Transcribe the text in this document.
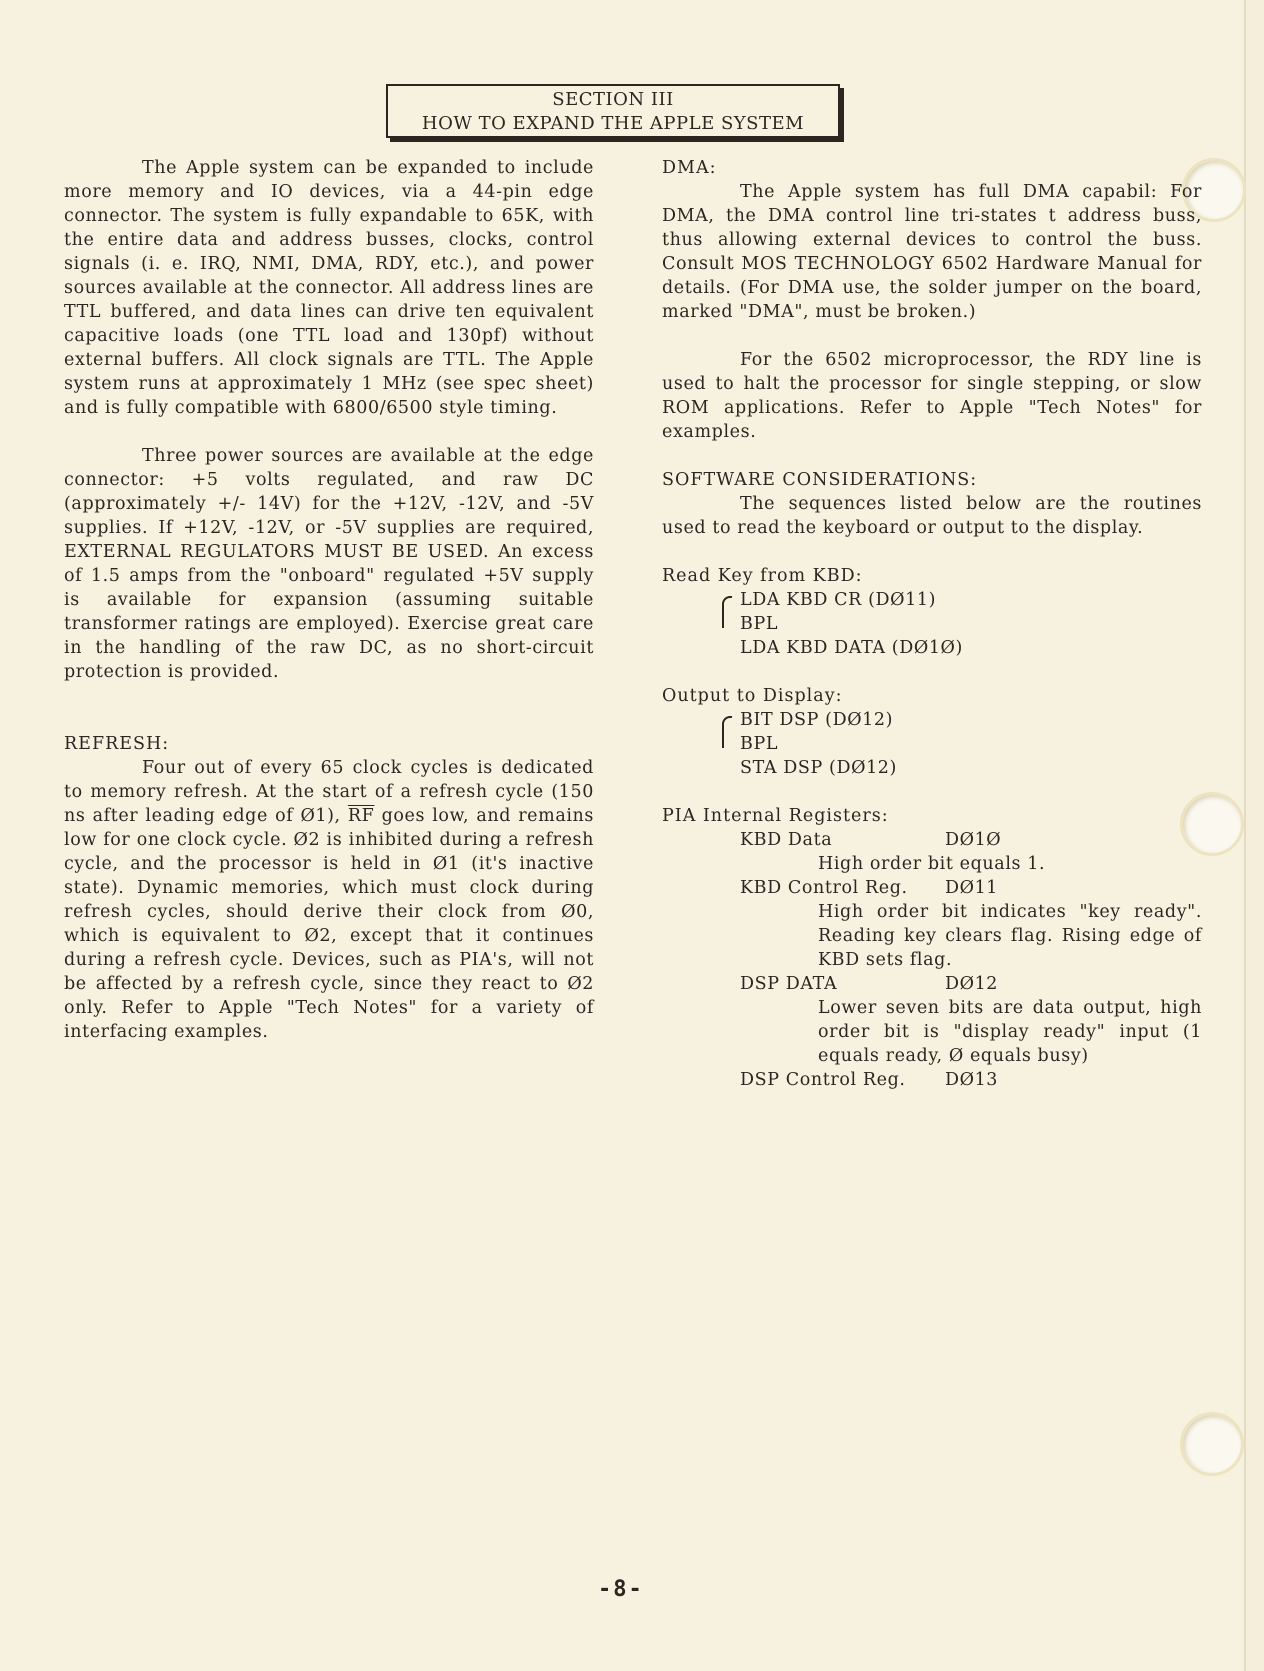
SECTION III
HOW TO EXPAND THE APPLE SYSTEM

The Apple system can be expanded to include more memory and IO devices, via a 44-pin edge connector. The system is fully expandable to 65K, with the entire data and address busses, clocks, control signals (i. e. IRQ, NMI, DMA, RDY, etc.), and power sources available at the connector. All address lines are TTL buffered, and data lines can drive ten equivalent capacitive loads (one TTL load and 130pf) without external buffers. All clock signals are TTL. The Apple system runs at approximately 1 MHz (see spec sheet) and is fully compatible with 6800/6500 style timing.

Three power sources are available at the edge connector: +5 volts regulated, and raw DC (approximately +/- 14V) for the +12V, -12V, and -5V supplies. If +12V, -12V, or -5V supplies are required, EXTERNAL REGULATORS MUST BE USED. An excess of 1.5 amps from the "onboard" regulated +5V supply is available for expansion (assuming suitable transformer ratings are employed). Exercise great care in the handling of the raw DC, as no short-circuit protection is provided.

REFRESH:

Four out of every 65 clock cycles is dedicated to memory refresh. At the start of a refresh cycle (150 ns after leading edge of Ø1), $\overline{RF}$ goes low, and remains low for one clock cycle. Ø2 is inhibited during a refresh cycle, and the processor is held in Ø1 (it's inactive state). Dynamic memories, which must clock during refresh cycles, should derive their clock from Ø0, which is equivalent to Ø2, except that it continues during a refresh cycle. Devices, such as PIA's, will not be affected by a refresh cycle, since they react to Ø2 only. Refer to Apple "Tech Notes" for a variety of interfacing examples.

DMA:

The Apple system has full DMA capabil: For DMA, the DMA control line tri-states t address buss, thus allowing external devices to control the buss. Consult MOS TECHNOLOGY 6502 Hardware Manual for details. (For DMA use, the solder jumper on the board, marked "DMA", must be broken.)

For the 6502 microprocessor, the RDY line is used to halt the processor for single stepping, or slow ROM applications. Refer to Apple "Tech Notes" for examples.

SOFTWARE CONSIDERATIONS:

The sequences listed below are the routines used to read the keyboard or output to the display.

Read Key from KBD:

LDA KBD CR (DØ11)

BPL

LDA KBD DATA (DØ1Ø)

Output to Display:

BIT DSP (DØ12)

BPL

STA DSP (DØ12)

PIA Internal Registers:

KBD Data	DØ1Ø

High order bit equals 1.

KBD Control Reg.	DØ11

High order bit indicates "key ready". Reading key clears flag. Rising edge of KBD sets flag.

DSP DATA	DØ12

Lower seven bits are data output, high order bit is "display ready" input (1 equals ready, Ø equals busy)

DSP Control Reg.	DØ13
-8-
